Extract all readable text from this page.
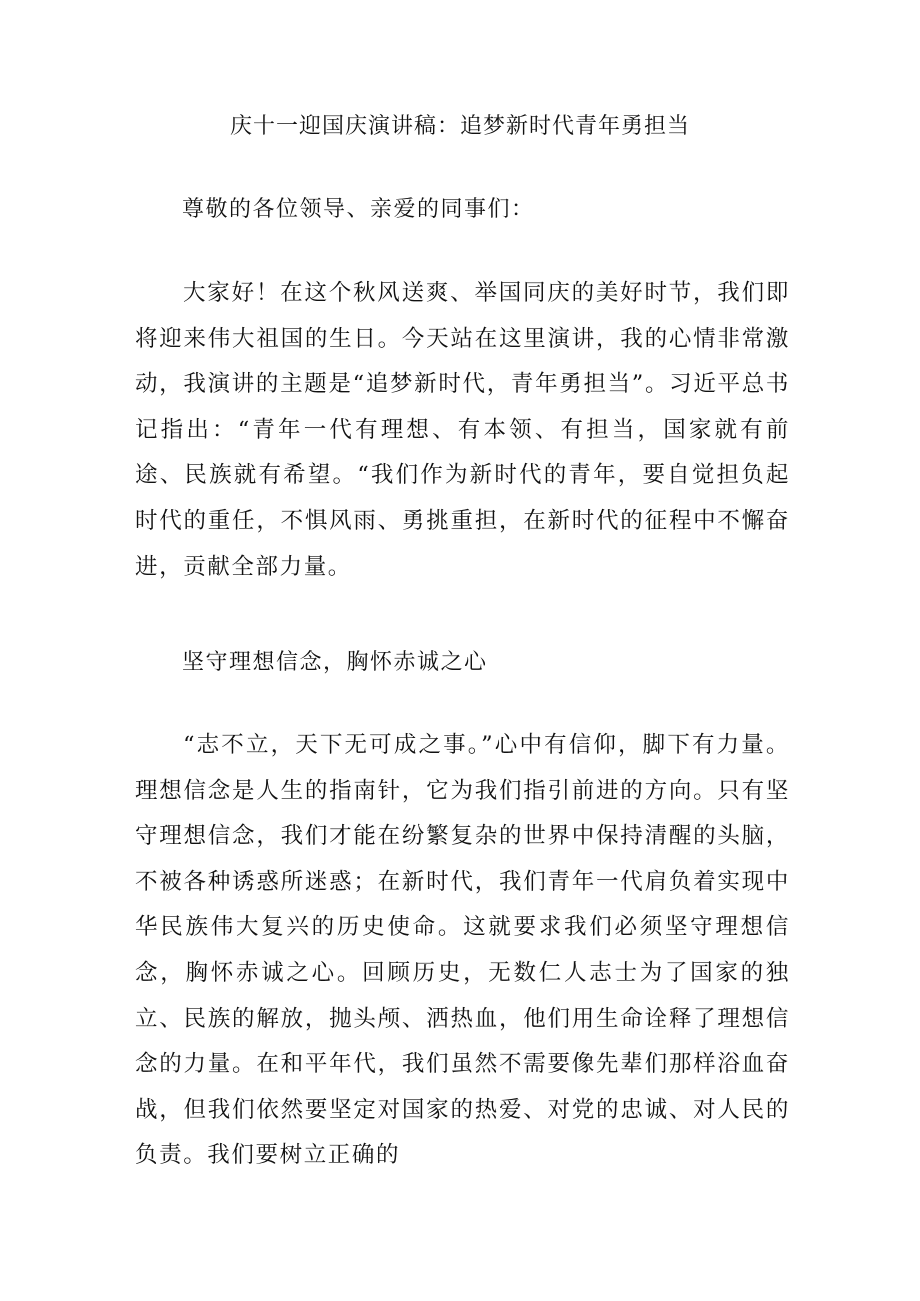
庆十一迎国庆演讲稿：追梦新时代青年勇担当

尊敬的各位领导、亲爱的同事们：

大家好！在这个秋风送爽、举国同庆的美好时节，我们即将迎来伟大祖国的生日。今天站在这里演讲，我的心情非常激动，我演讲的主题是“追梦新时代，青年勇担当”。习近平总书记指出：“青年一代有理想、有本领、有担当，国家就有前途、民族就有希望。“我们作为新时代的青年，要自觉担负起时代的重任，不惧风雨、勇挑重担，在新时代的征程中不懈奋进，贡献全部力量。

坚守理想信念，胸怀赤诚之心

“志不立，天下无可成之事。”心中有信仰，脚下有力量。理想信念是人生的指南针，它为我们指引前进的方向。只有坚守理想信念，我们才能在纷繁复杂的世界中保持清醒的头脑，不被各种诱惑所迷惑；在新时代，我们青年一代肩负着实现中华民族伟大复兴的历史使命。这就要求我们必须坚守理想信念，胸怀赤诚之心。回顾历史，无数仁人志士为了国家的独立、民族的解放，抛头颅、洒热血，他们用生命诠释了理想信念的力量。在和平年代，我们虽然不需要像先辈们那样浴血奋战，但我们依然要坚定对国家的热爱、对党的忠诚、对人民的负责。我们要树立正确的
